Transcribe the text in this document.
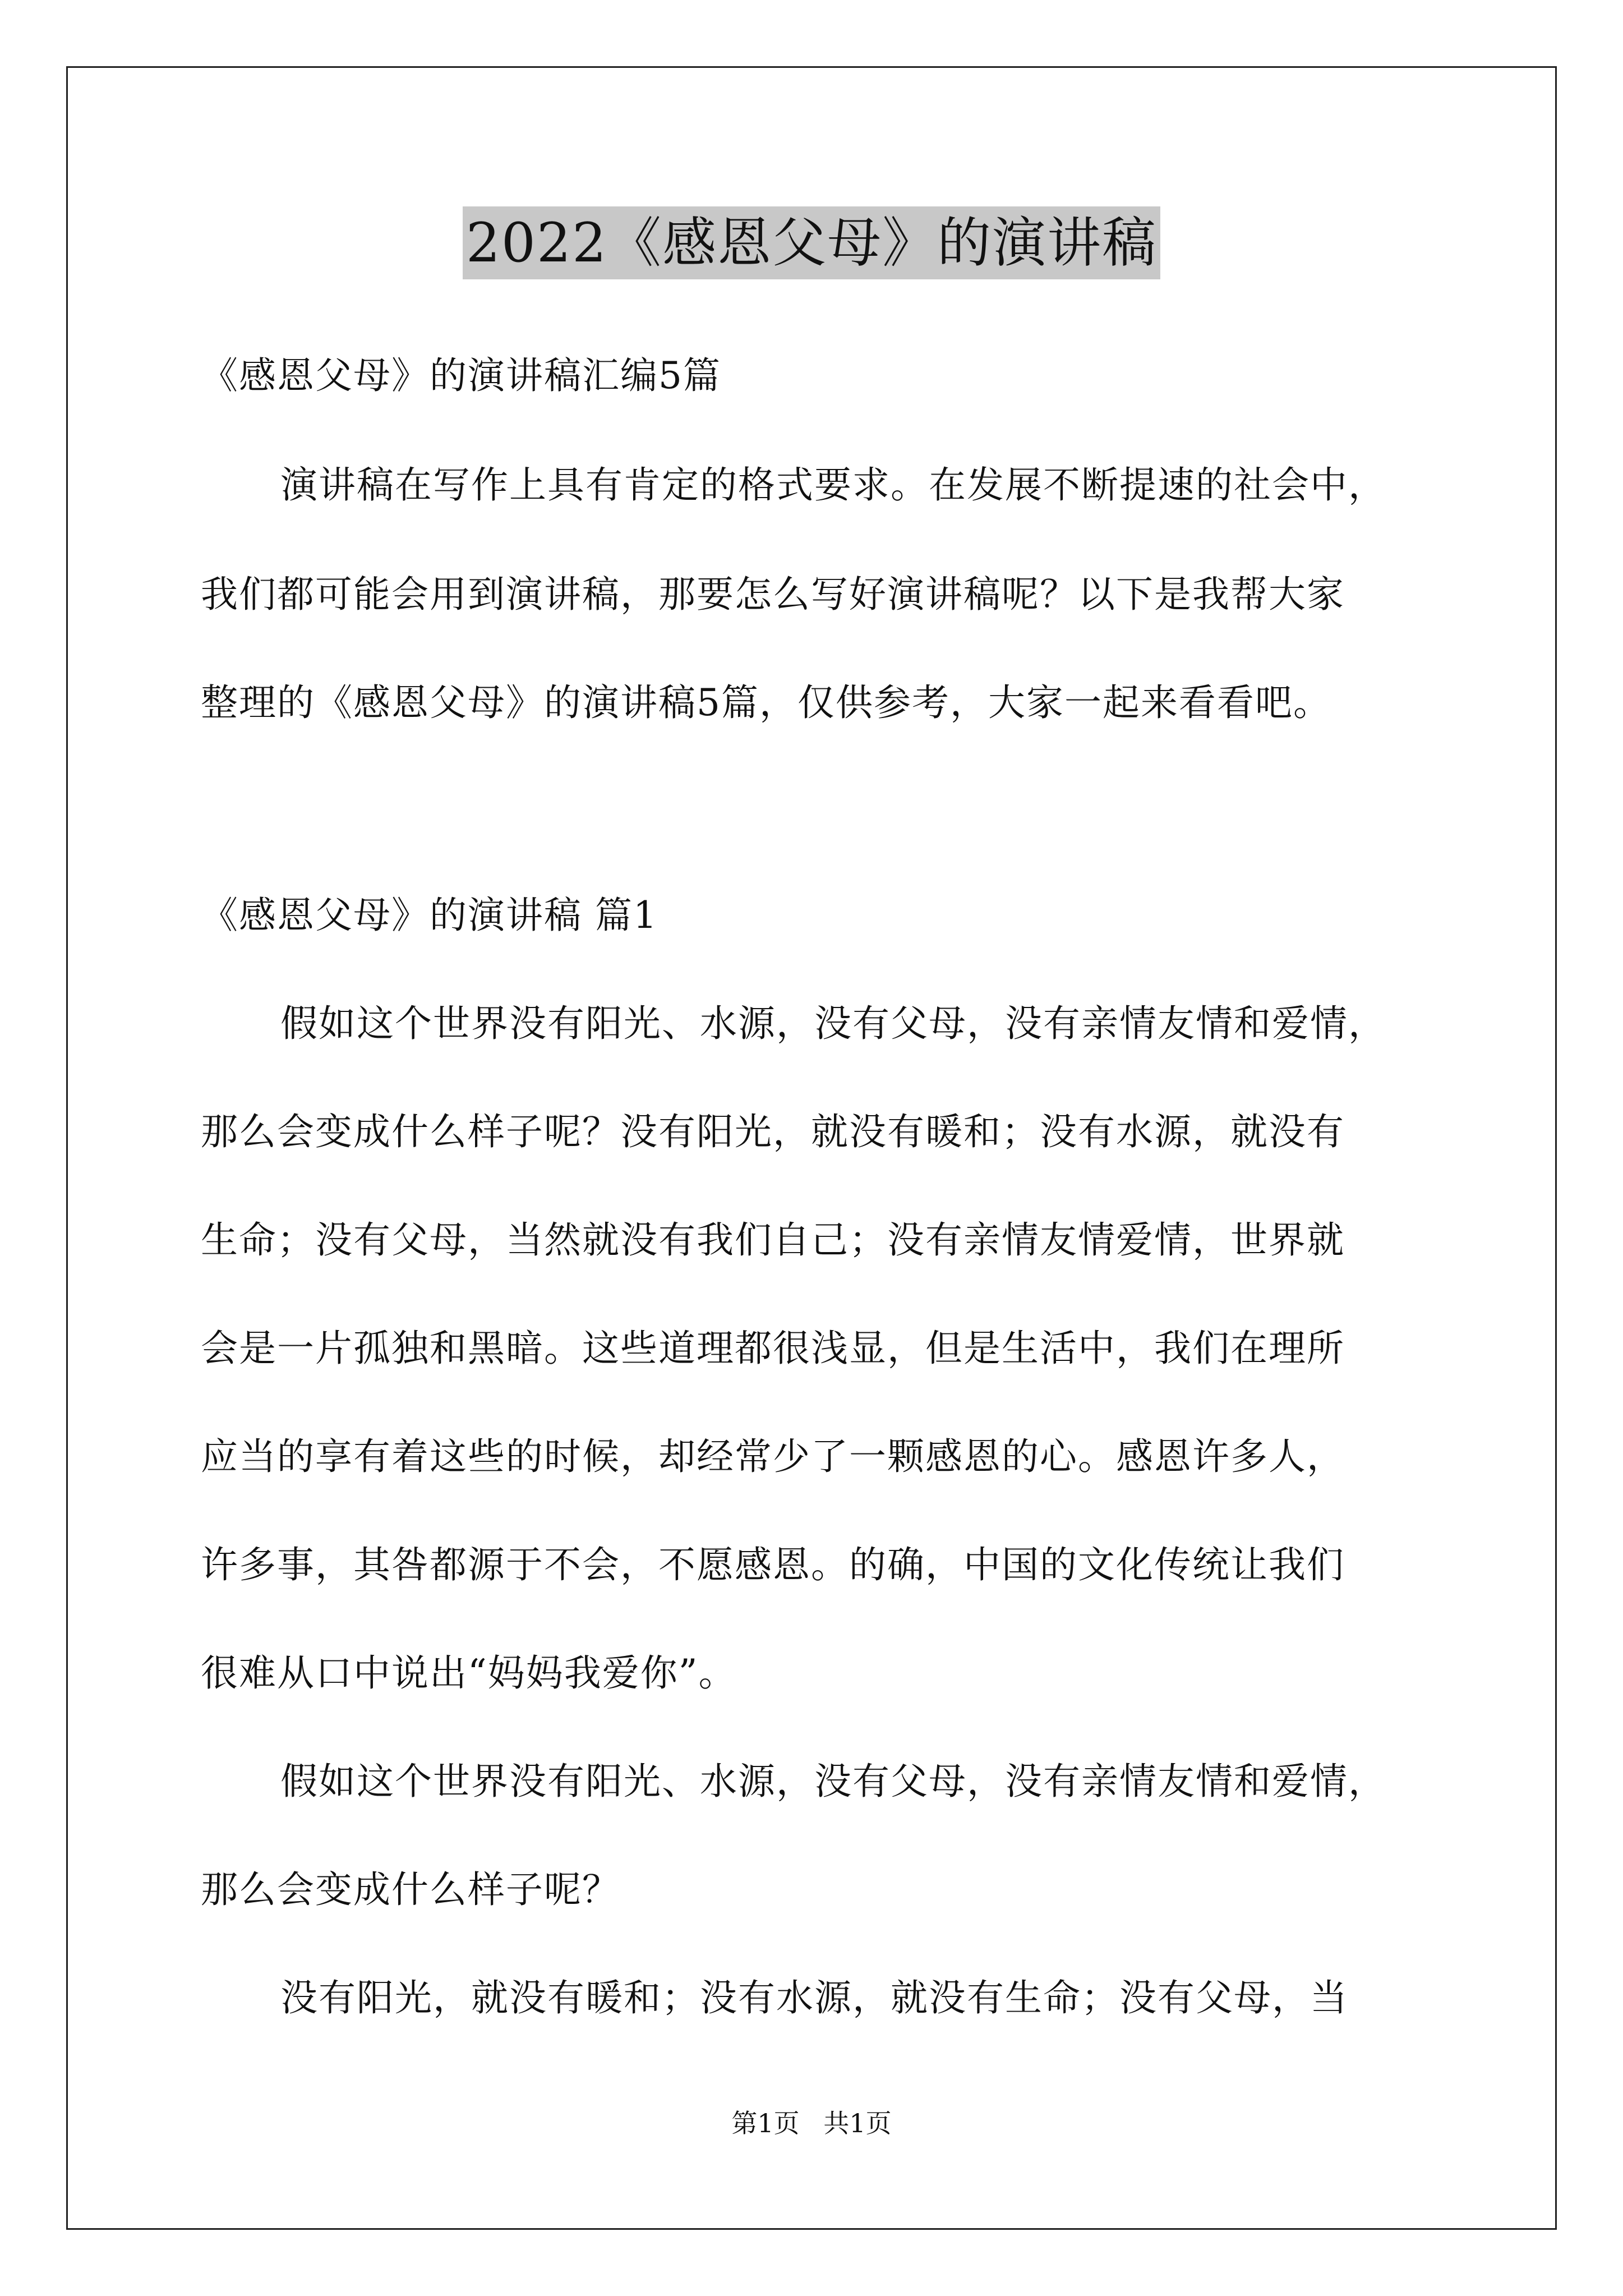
2022《感恩父母》的演讲稿
《感恩父母》的演讲稿汇编5篇
演讲稿在写作上具有肯定的格式要求。在发展不断提速的社会中，
我们都可能会用到演讲稿，那要怎么写好演讲稿呢？以下是我帮大家
整理的《感恩父母》的演讲稿5篇，仅供参考，大家一起来看看吧。
《感恩父母》的演讲稿 篇1
假如这个世界没有阳光、水源，没有父母，没有亲情友情和爱情，
那么会变成什么样子呢？没有阳光，就没有暖和；没有水源，就没有
生命；没有父母，当然就没有我们自己；没有亲情友情爱情，世界就
会是一片孤独和黑暗。这些道理都很浅显，但是生活中，我们在理所
应当的享有着这些的时候，却经常少了一颗感恩的心。感恩许多人，
许多事，其咎都源于不会，不愿感恩。的确，中国的文化传统让我们
很难从口中说出“妈妈我爱你”。
假如这个世界没有阳光、水源，没有父母，没有亲情友情和爱情，
那么会变成什么样子呢？
没有阳光，就没有暖和；没有水源，就没有生命；没有父母，当
第1页 共1页
